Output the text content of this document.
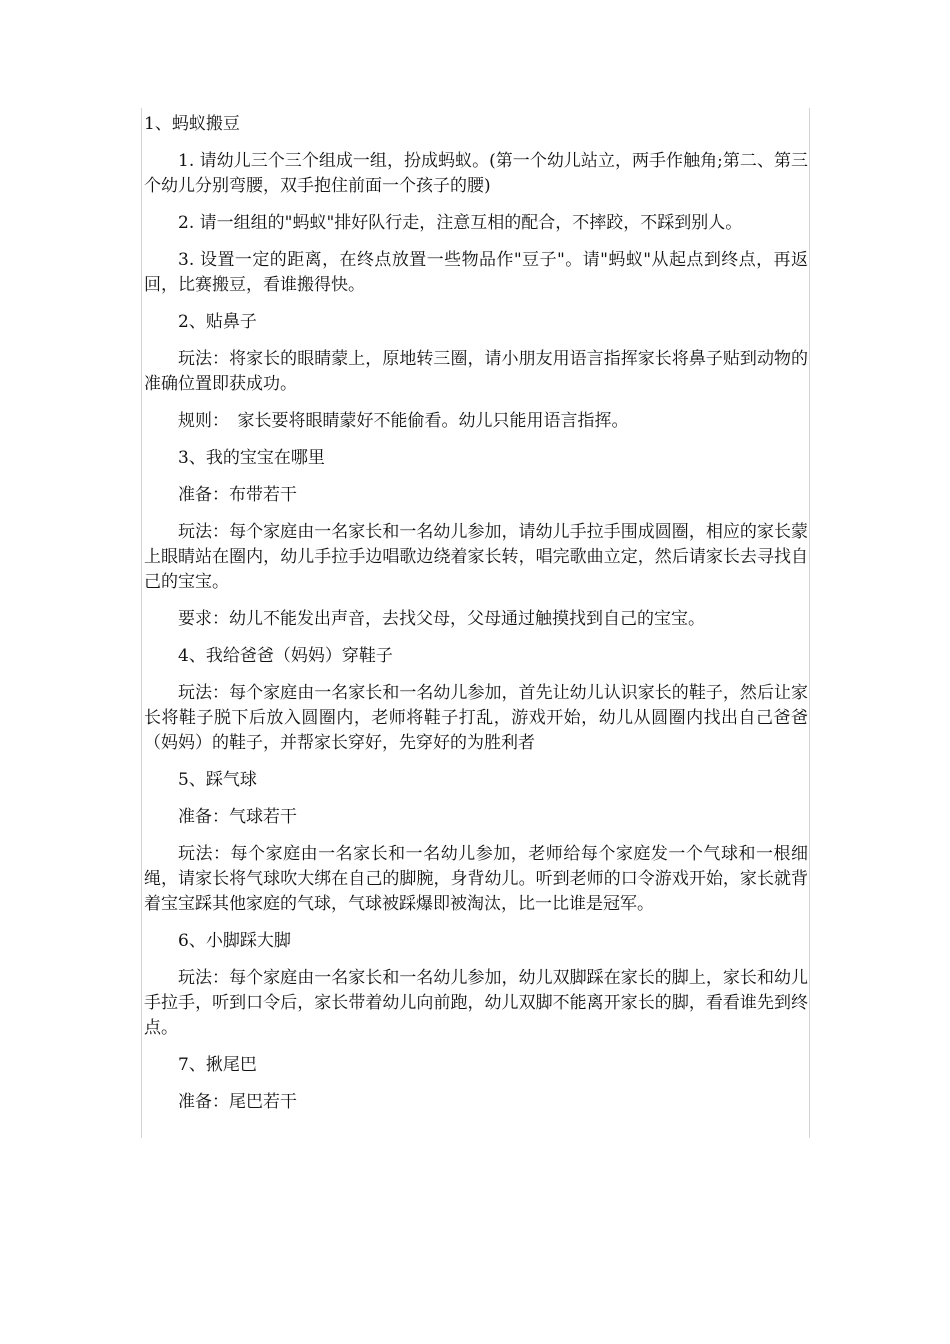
1、蚂蚁搬豆

1. 请幼儿三个三个组成一组，扮成蚂蚁。(第一个幼儿站立，两手作触角;第二、第三个幼儿分别弯腰，双手抱住前面一个孩子的腰)

2. 请一组组的"蚂蚁"排好队行走，注意互相的配合，不摔跤，不踩到别人。

3. 设置一定的距离，在终点放置一些物品作"豆子"。请"蚂蚁"从起点到终点，再返回，比赛搬豆，看谁搬得快。

2、贴鼻子

玩法：将家长的眼睛蒙上，原地转三圈，请小朋友用语言指挥家长将鼻子贴到动物的准确位置即获成功。

规则：　家长要将眼睛蒙好不能偷看。幼儿只能用语言指挥。

3、我的宝宝在哪里

准备：布带若干

玩法：每个家庭由一名家长和一名幼儿参加，请幼儿手拉手围成圆圈，相应的家长蒙上眼睛站在圈内，幼儿手拉手边唱歌边绕着家长转，唱完歌曲立定，然后请家长去寻找自己的宝宝。

要求：幼儿不能发出声音，去找父母，父母通过触摸找到自己的宝宝。

4、我给爸爸（妈妈）穿鞋子

玩法：每个家庭由一名家长和一名幼儿参加，首先让幼儿认识家长的鞋子，然后让家长将鞋子脱下后放入圆圈内，老师将鞋子打乱，游戏开始，幼儿从圆圈内找出自己爸爸（妈妈）的鞋子，并帮家长穿好，先穿好的为胜利者

5、踩气球

准备：气球若干

玩法：每个家庭由一名家长和一名幼儿参加，老师给每个家庭发一个气球和一根细绳，请家长将气球吹大绑在自己的脚腕，身背幼儿。听到老师的口令游戏开始，家长就背着宝宝踩其他家庭的气球，气球被踩爆即被淘汰，比一比谁是冠军。

6、小脚踩大脚

玩法：每个家庭由一名家长和一名幼儿参加，幼儿双脚踩在家长的脚上，家长和幼儿手拉手，听到口令后，家长带着幼儿向前跑，幼儿双脚不能离开家长的脚，看看谁先到终点。

7、揪尾巴

准备：尾巴若干
